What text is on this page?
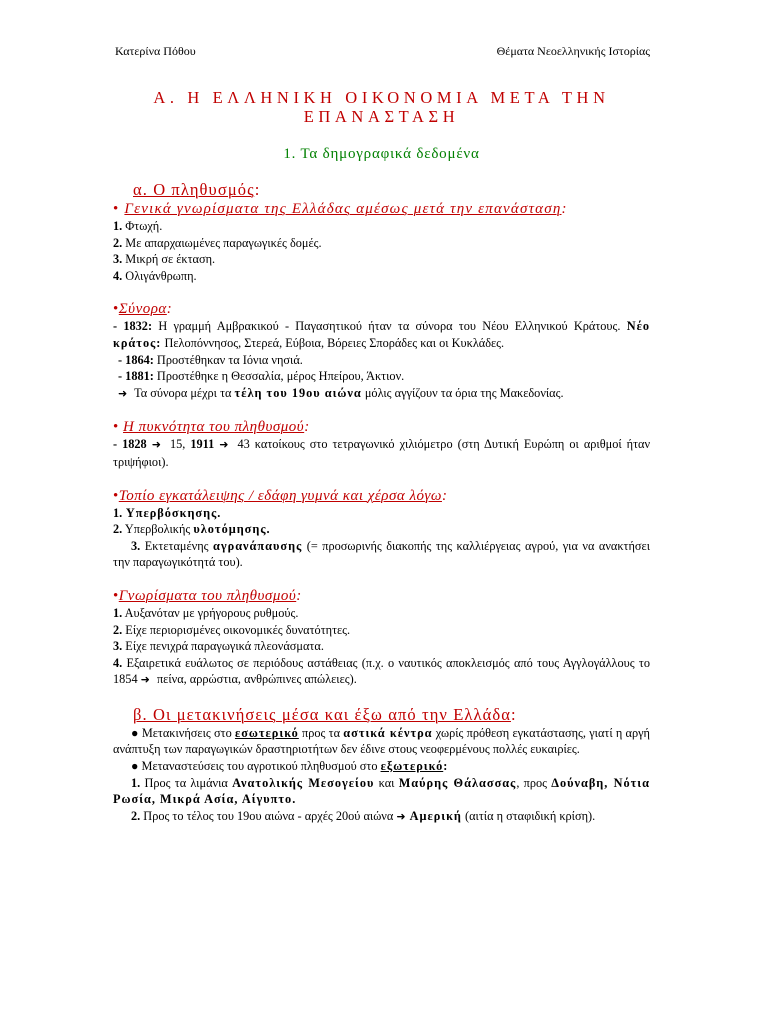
Κατερίνα Πόθου	Θέματα Νεοελληνικής Ιστορίας
Α. Η ΕΛΛΗΝΙΚΗ ΟΙΚΟΝΟΜΙΑ ΜΕΤΑ ΤΗΝ
ΕΠΑΝΑΣΤΑΣΗ
1. Τα δημογραφικά δεδομένα
α. Ο πληθυσμός:
• Γενικά γνωρίσματα της Ελλάδας αμέσως μετά την επανάσταση:
1. Φτωχή.
2. Με απαρχαιωμένες παραγωγικές δομές.
3. Μικρή σε έκταση.
4. Ολιγάνθρωπη.
•Σύνορα:
- 1832: Η γραμμή Αμβρακικού - Παγασητικού ήταν τα σύνορα του Νέου Ελληνικού Κράτους. Νέο κράτος: Πελοπόννησος, Στερεά, Εύβοια, Βόρειες Σποράδες και οι Κυκλάδες.
- 1864: Προστέθηκαν τα Ιόνια νησιά.
- 1881: Προστέθηκε η Θεσσαλία, μέρος Ηπείρου, Άκτιον.
➜ Τα σύνορα μέχρι τα τέλη του 19ου αιώνα μόλις αγγίζουν τα όρια της Μακεδονίας.
• Η πυκνότητα του πληθυσμού:
- 1828 ➜ 15, 1911 ➜ 43 κατοίκους στο τετραγωνικό χιλιόμετρο (στη Δυτική Ευρώπη οι αριθμοί ήταν τριψήφιοι).
•Τοπίο εγκατάλειψης / εδάφη γυμνά και χέρσα λόγω:
1. Υπερβόσκησης.
2. Υπερβολικής υλοτόμησης.
3. Εκτεταμένης αγρανάπαυσης (= προσωρινής διακοπής της καλλιέργειας αγρού, για να ανακτήσει την παραγωγικότητά του).
•Γνωρίσματα του πληθυσμού:
1. Αυξανόταν με γρήγορους ρυθμούς.
2. Είχε περιορισμένες οικονομικές δυνατότητες.
3. Είχε πενιχρά παραγωγικά πλεονάσματα.
4. Εξαιρετικά ευάλωτος σε περιόδους αστάθειας (π.χ. ο ναυτικός αποκλεισμός από τους Αγγλογάλλους το 1854 ➜ πείνα, αρρώστια, ανθρώπινες απώλειες).
β. Οι μετακινήσεις μέσα και έξω από την Ελλάδα:
● Μετακινήσεις στο εσωτερικό προς τα αστικά κέντρα χωρίς πρόθεση εγκατάστασης, γιατί η αργή ανάπτυξη των παραγωγικών δραστηριοτήτων δεν έδινε στους νεοφερμένους πολλές ευκαιρίες.
● Μεταναστεύσεις του αγροτικού πληθυσμού στο εξωτερικό:
1. Προς τα λιμάνια Ανατολικής Μεσογείου και Μαύρης Θάλασσας, προς Δούναβη, Νότια Ρωσία, Μικρά Ασία, Αίγυπτο.
2. Προς το τέλος του 19ου αιώνα - αρχές 20ού αιώνα ➜ Αμερική (αιτία η σταφιδική κρίση).
